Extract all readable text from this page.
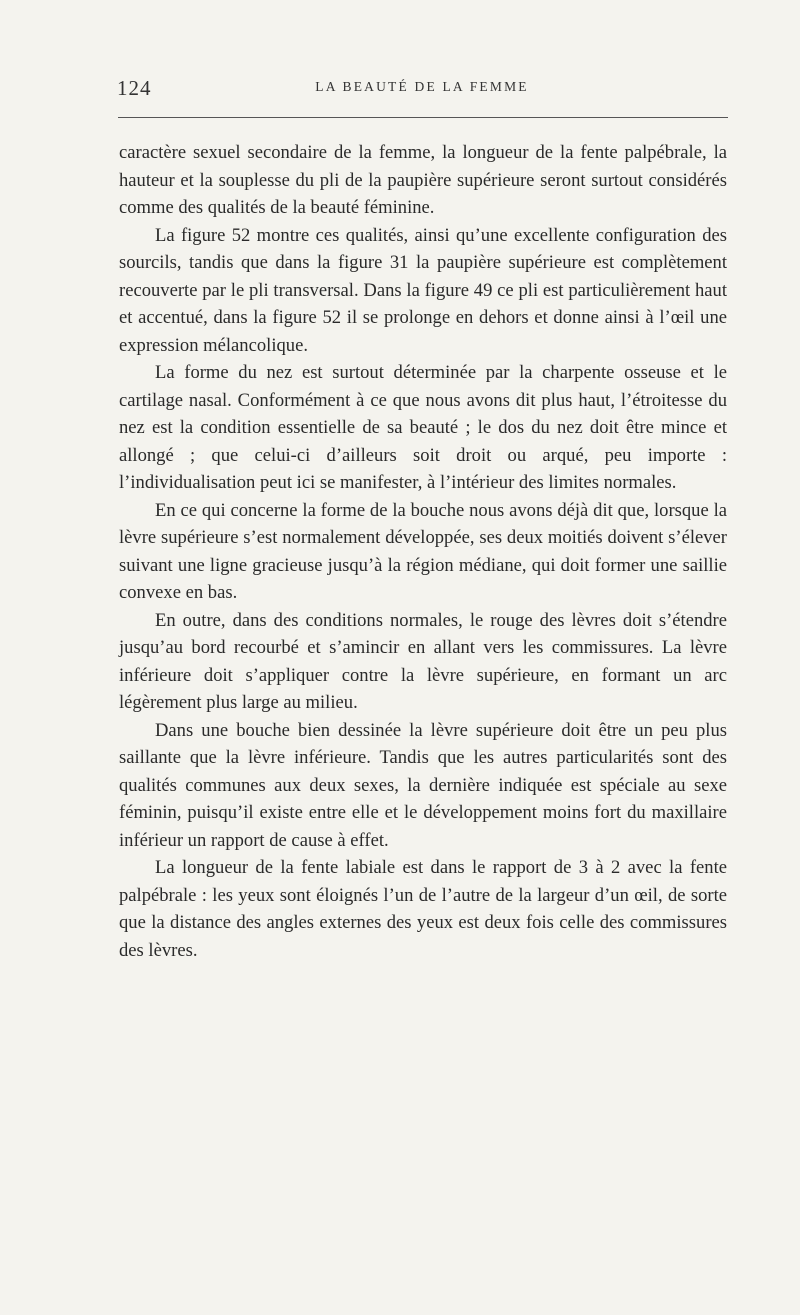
124	LA BEAUTÉ DE LA FEMME

caractère sexuel secondaire de la femme, la longueur de la fente palpébrale, la hauteur et la souplesse du pli de la paupière supérieure seront surtout considérés comme des qualités de la beauté féminine.

La figure 52 montre ces qualités, ainsi qu’une excellente configuration des sourcils, tandis que dans la figure 31 la paupière supérieure est complètement recouverte par le pli transversal. Dans la figure 49 ce pli est particulièrement haut et accentué, dans la figure 52 il se prolonge en dehors et donne ainsi à l’œil une expression mélancolique.

La forme du nez est surtout déterminée par la charpente osseuse et le cartilage nasal. Conformément à ce que nous avons dit plus haut, l’étroitesse du nez est la condition essentielle de sa beauté ; le dos du nez doit être mince et allongé ; que celui-ci d’ailleurs soit droit ou arqué, peu importe : l’individualisation peut ici se manifester, à l’intérieur des limites normales.

En ce qui concerne la forme de la bouche nous avons déjà dit que, lorsque la lèvre supérieure s’est normalement développée, ses deux moitiés doivent s’élever suivant une ligne gracieuse jusqu’à la région médiane, qui doit former une saillie convexe en bas.

En outre, dans des conditions normales, le rouge des lèvres doit s’étendre jusqu’au bord recourbé et s’amincir en allant vers les commissures. La lèvre inférieure doit s’appliquer contre la lèvre supérieure, en formant un arc légèrement plus large au milieu.

Dans une bouche bien dessinée la lèvre supérieure doit être un peu plus saillante que la lèvre inférieure. Tandis que les autres particularités sont des qualités communes aux deux sexes, la dernière indiquée est spéciale au sexe féminin, puisqu’il existe entre elle et le développement moins fort du maxillaire inférieur un rapport de cause à effet.

La longueur de la fente labiale est dans le rapport de 3 à 2 avec la fente palpébrale : les yeux sont éloignés l’un de l’autre de la largeur d’un œil, de sorte que la distance des angles externes des yeux est deux fois celle des commissures des lèvres.
